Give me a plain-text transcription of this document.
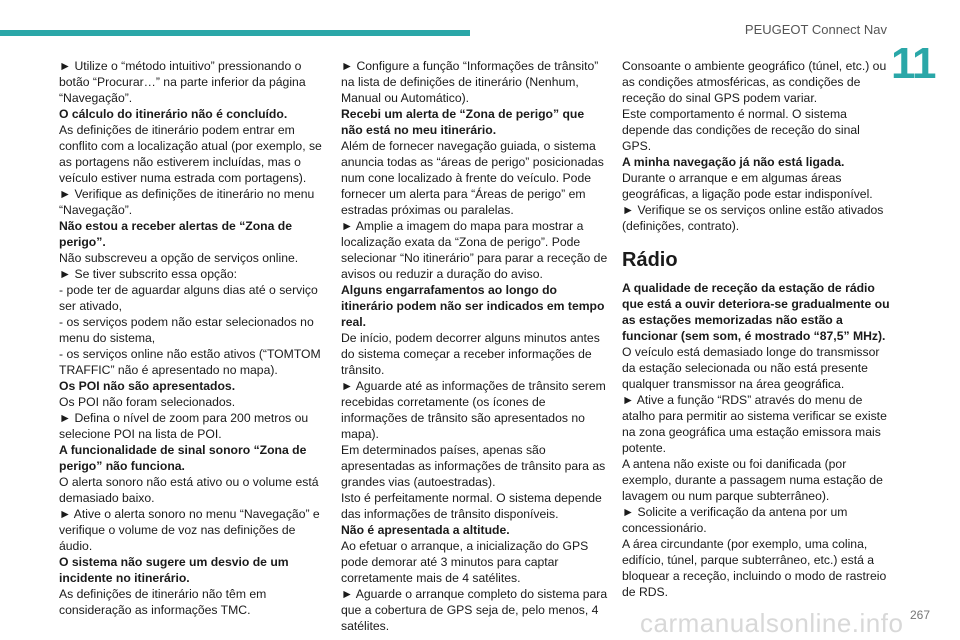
PEUGEOT Connect Nav
11

► Utilize o “método intuitivo” pressionando o botão “Procurar…” na parte inferior da página “Navegação”.

O cálculo do itinerário não é concluído.

As definições de itinerário podem entrar em conflito com a localização atual (por exemplo, se as portagens não estiverem incluídas, mas o veículo estiver numa estrada com portagens).

► Verifique as definições de itinerário no menu “Navegação”.

Não estou a receber alertas de “Zona de perigo”.

Não subscreveu a opção de serviços online.

► Se tiver subscrito essa opção:

- pode ter de aguardar alguns dias até o serviço ser ativado,

- os serviços podem não estar selecionados no menu do sistema,

- os serviços online não estão ativos (“TOMTOM TRAFFIC” não é apresentado no mapa).

Os POI não são apresentados.

Os POI não foram selecionados.

► Defina o nível de zoom para 200 metros ou selecione POI na lista de POI.

A funcionalidade de sinal sonoro “Zona de perigo” não funciona.

O alerta sonoro não está ativo ou o volume está demasiado baixo.

► Ative o alerta sonoro no menu “Navegação” e verifique o volume de voz nas definições de áudio.

O sistema não sugere um desvio de um incidente no itinerário.

As definições de itinerário não têm em consideração as informações TMC.

► Configure a função “Informações de trânsito” na lista de definições de itinerário (Nenhum, Manual ou Automático).

Recebi um alerta de “Zona de perigo” que não está no meu itinerário.

Além de fornecer navegação guiada, o sistema anuncia todas as “áreas de perigo” posicionadas num cone localizado à frente do veículo. Pode fornecer um alerta para “Áreas de perigo” em estradas próximas ou paralelas.

► Amplie a imagem do mapa para mostrar a localização exata da “Zona de perigo”. Pode selecionar “No itinerário” para parar a receção de avisos ou reduzir a duração do aviso.

Alguns engarrafamentos ao longo do itinerário podem não ser indicados em tempo real.

De início, podem decorrer alguns minutos antes do sistema começar a receber informações de trânsito.

► Aguarde até as informações de trânsito serem recebidas corretamente (os ícones de informações de trânsito são apresentados no mapa).

Em determinados países, apenas são apresentadas as informações de trânsito para as grandes vias (autoestradas).

Isto é perfeitamente normal. O sistema depende das informações de trânsito disponíveis.

Não é apresentada a altitude.

Ao efetuar o arranque, a inicialização do GPS pode demorar até 3 minutos para captar corretamente mais de 4 satélites.

► Aguarde o arranque completo do sistema para que a cobertura de GPS seja de, pelo menos, 4 satélites.

Consoante o ambiente geográfico (túnel, etc.) ou as condições atmosféricas, as condições de receção do sinal GPS podem variar.

Este comportamento é normal. O sistema depende das condições de receção do sinal GPS.

A minha navegação já não está ligada.

Durante o arranque e em algumas áreas geográficas, a ligação pode estar indisponível.

► Verifique se os serviços online estão ativados (definições, contrato).

Rádio

A qualidade de receção da estação de rádio que está a ouvir deteriora-se gradualmente ou as estações memorizadas não estão a funcionar (sem som, é mostrado “87,5” MHz).

O veículo está demasiado longe do transmissor da estação selecionada ou não está presente qualquer transmissor na área geográfica.

► Ative a função “RDS” através do menu de atalho para permitir ao sistema verificar se existe na zona geográfica uma estação emissora mais potente.

A antena não existe ou foi danificada (por exemplo, durante a passagem numa estação de lavagem ou num parque subterrâneo).

► Solicite a verificação da antena por um concessionário.

A área circundante (por exemplo, uma colina, edifício, túnel, parque subterrâneo, etc.) está a bloquear a receção, incluindo o modo de rastreio de RDS.

267
carmanualsonline.info
